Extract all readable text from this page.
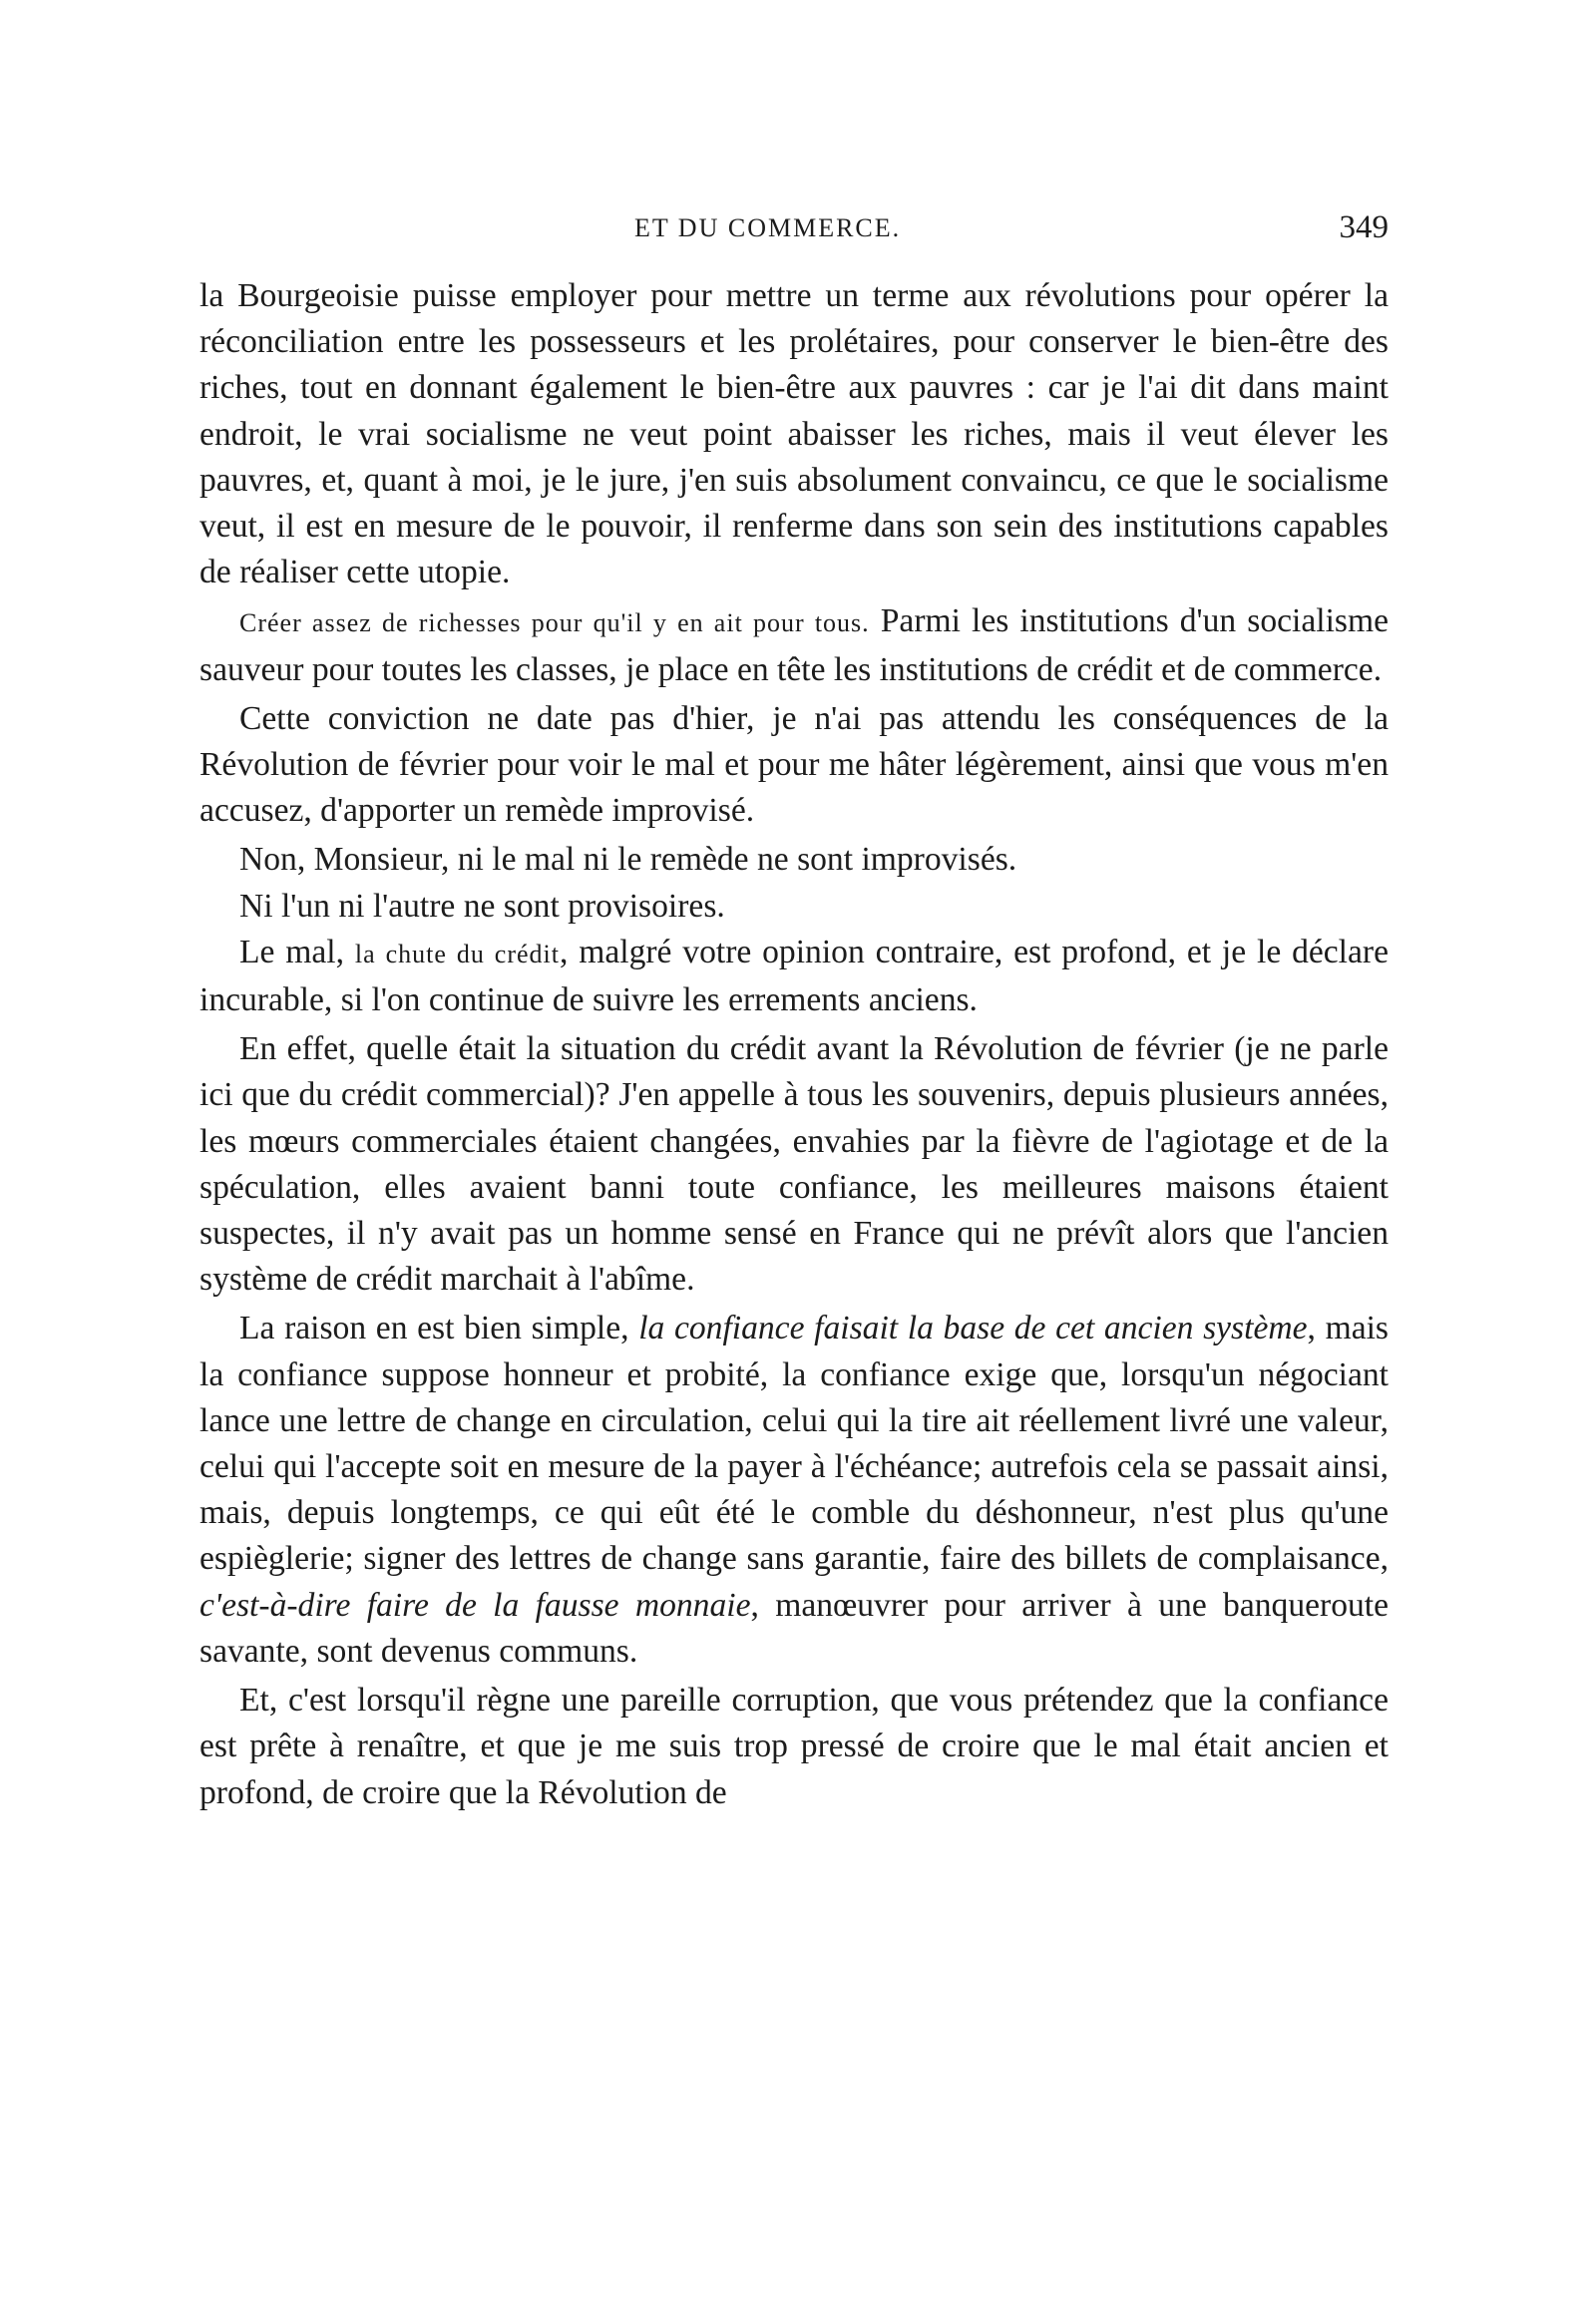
ET DU COMMERCE.	349

la Bourgeoisie puisse employer pour mettre un terme aux révolutions pour opérer la réconciliation entre les possesseurs et les prolétaires, pour conserver le bien-être des riches, tout en donnant également le bien-être aux pauvres : car je l'ai dit dans maint endroit, le vrai socialisme ne veut point abaisser les riches, mais il veut élever les pauvres, et, quant à moi, je le jure, j'en suis absolument convaincu, ce que le socialisme veut, il est en mesure de le pouvoir, il renferme dans son sein des institutions capables de réaliser cette utopie.

Créer assez de richesses pour qu'il y en ait pour tous. Parmi les institutions d'un socialisme sauveur pour toutes les classes, je place en tête les institutions de crédit et de commerce.

Cette conviction ne date pas d'hier, je n'ai pas attendu les conséquences de la Révolution de février pour voir le mal et pour me hâter légèrement, ainsi que vous m'en accusez, d'apporter un remède improvisé.

Non, Monsieur, ni le mal ni le remède ne sont improvisés.

Ni l'un ni l'autre ne sont provisoires.

Le mal, la chute du crédit, malgré votre opinion contraire, est profond, et je le déclare incurable, si l'on continue de suivre les errements anciens.

En effet, quelle était la situation du crédit avant la Révolution de février (je ne parle ici que du crédit commercial)? J'en appelle à tous les souvenirs, depuis plusieurs années, les mœurs commerciales étaient changées, envahies par la fièvre de l'agiotage et de la spéculation, elles avaient banni toute confiance, les meilleures maisons étaient suspectes, il n'y avait pas un homme sensé en France qui ne prévît alors que l'ancien système de crédit marchait à l'abîme.

La raison en est bien simple, la confiance faisait la base de cet ancien système, mais la confiance suppose honneur et probité, la confiance exige que, lorsqu'un négociant lance une lettre de change en circulation, celui qui la tire ait réellement livré une valeur, celui qui l'accepte soit en mesure de la payer à l'échéance; autrefois cela se passait ainsi, mais, depuis longtemps, ce qui eût été le comble du déshonneur, n'est plus qu'une espièglerie; signer des lettres de change sans garantie, faire des billets de complaisance, c'est-à-dire faire de la fausse monnaie, manœuvrer pour arriver à une banqueroute savante, sont devenus communs.

Et, c'est lorsqu'il règne une pareille corruption, que vous prétendez que la confiance est prête à renaître, et que je me suis trop pressé de croire que le mal était ancien et profond, de croire que la Révolution de
